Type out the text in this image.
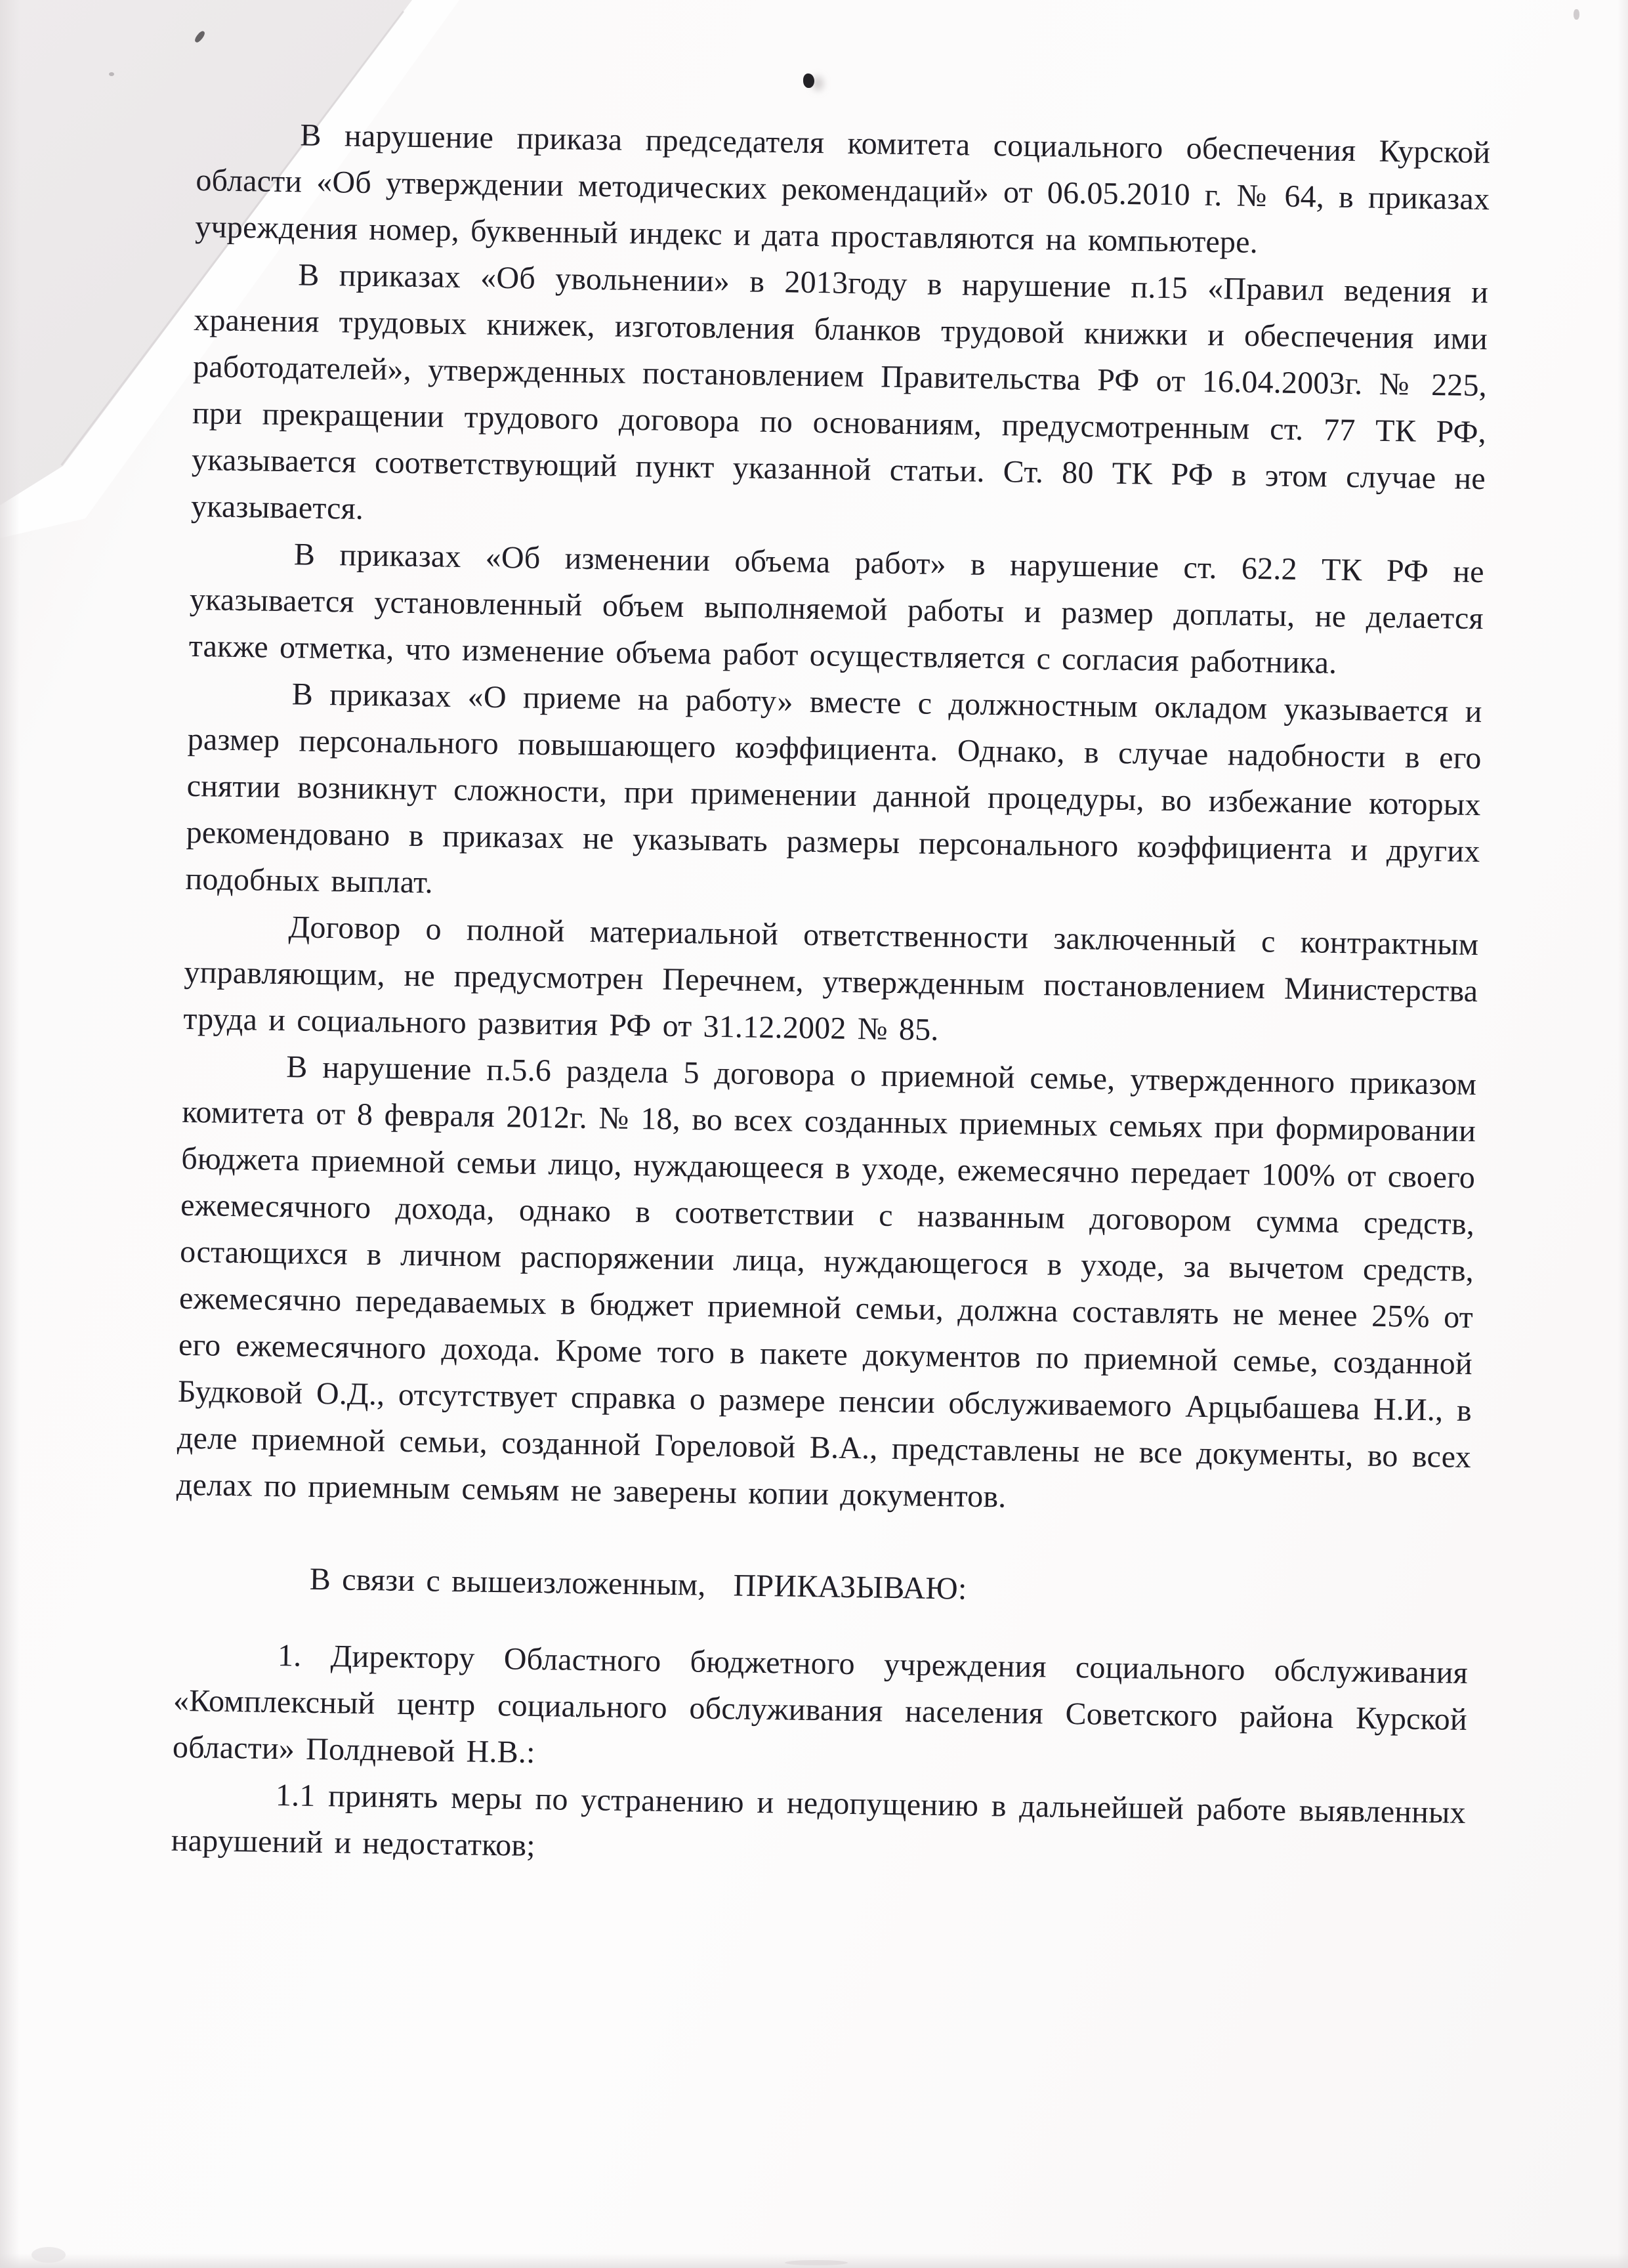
В нарушение приказа председателя комитета социального обеспечения Курской области «Об утверждении методических рекомендаций» от 06.05.2010 г. № 64, в приказах учреждения номер, буквенный индекс и дата проставляются на компьютере.

В приказах «Об увольнении» в 2013году в нарушение п.15 «Правил ведения и хранения трудовых книжек, изготовления бланков трудовой книжки и обеспечения ими работодателей», утвержденных постановлением Правительства РФ от 16.04.2003г. № 225, при прекращении трудового договора по основаниям, предусмотренным ст. 77 ТК РФ, указывается соответствующий пункт указанной статьи. Ст. 80 ТК РФ в этом случае не указывается.

В приказах «Об изменении объема работ» в нарушение ст. 62.2 ТК РФ не указывается установленный объем выполняемой работы и размер доплаты, не делается также отметка, что изменение объема работ осуществляется с согласия работника.

В приказах «О приеме на работу» вместе с должностным окладом указывается и размер персонального повышающего коэффициента. Однако, в случае надобности в его снятии возникнут сложности, при применении данной процедуры, во избежание которых рекомендовано в приказах не указывать размеры персонального коэффициента и других подобных выплат.

Договор о полной материальной ответственности заключенный с контрактным управляющим, не предусмотрен Перечнем, утвержденным постановлением Министерства труда и социального развития РФ от 31.12.2002 № 85.

В нарушение п.5.6 раздела 5 договора о приемной семье, утвержденного приказом комитета от 8 февраля 2012г. № 18, во всех созданных приемных семьях при формировании бюджета приемной семьи лицо, нуждающееся в уходе, ежемесячно передает 100% от своего ежемесячного дохода, однако в соответствии с названным договором сумма средств, остающихся в личном распоряжении лица, нуждающегося в уходе, за вычетом средств, ежемесячно передаваемых в бюджет приемной семьи, должна составлять не менее 25% от его ежемесячного дохода. Кроме того в пакете документов по приемной семье, созданной Будковой О.Д., отсутствует справка о размере пенсии обслуживаемого Арцыбашева Н.И., в деле приемной семьи, созданной Гореловой В.А., представлены не все документы, во всех делах по приемным семьям не заверены копии документов.

В связи с вышеизложенным, ПРИКАЗЫВАЮ:

1. Директору Областного бюджетного учреждения социального обслуживания «Комплексный центр социального обслуживания населения Советского района Курской области» Полдневой Н.В.:

1.1 принять меры по устранению и недопущению в дальнейшей работе выявленных нарушений и недостатков;
